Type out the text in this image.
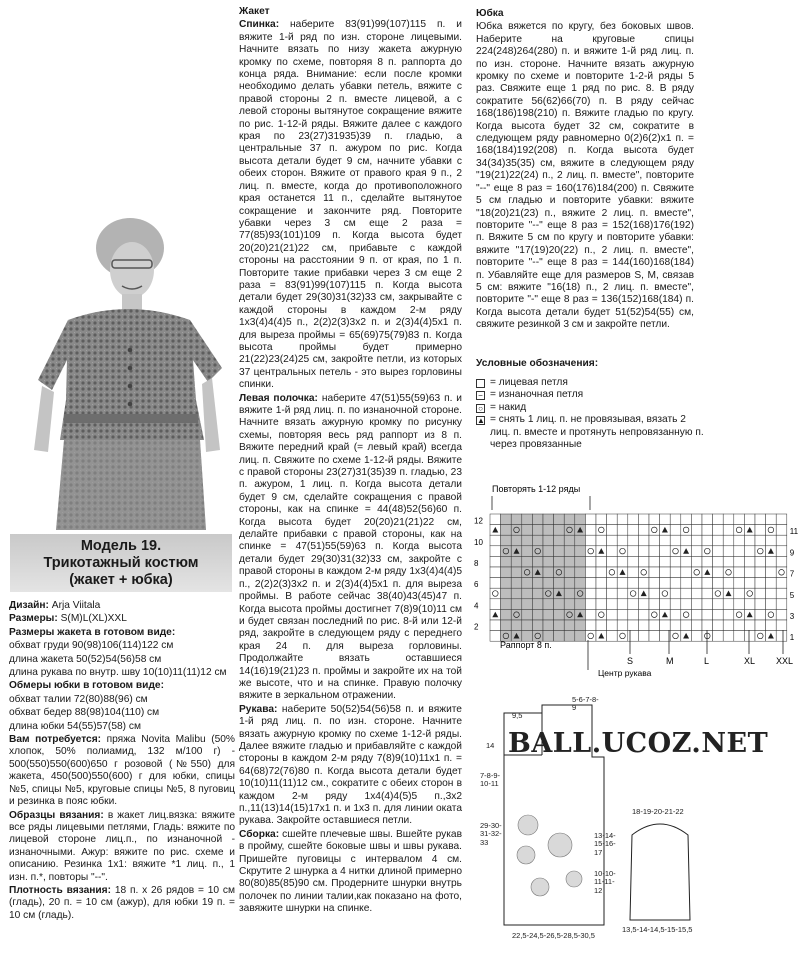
Модель 19.
Трикотажный костюм
(жакет + юбка)

Дизайн: Arja Viitala

Размеры: S(M)L(XL)XXL

Размеры жакета в готовом виде:

обхват груди 90(98)106(114)122 см

длина жакета 50(52)54(56)58 см

длина рукава по внутр. шву 10(10)11(11)12 см

Обмеры юбки в готовом виде:

обхват талии 72(80)88(96) см

обхват бедер 88(98)104(110) см

длина юбки 54(55)57(58) см

Вам потребуется: пряжа Novita Malibu (50% хлопок, 50% полиамид, 132 м/100 г) - 500(550)550(600)650 г розовой (№550) для жакета, 450(500)550(600) г для юбки, спицы №5, спицы №5, круговые спицы №5, 8 пуговиц и резинка в пояс юбки.

Образцы вязания: в жакет лиц.вязка: вяжите все ряды лицевыми петлями, Гладь: вяжите по лицевой стороне лиц.п., по изнаночной - изнаночными. Ажур: вяжите по рис. схеме и описанию. Резинка 1x1: вяжите *1 лиц. п., 1 изн. п.*, повторы "--".

Плотность вязания: 18 п. х 26 рядов = 10 см (гладь), 20 п. = 10 см (ажур), для юбки 19 п. = 10 см (гладь).

Жакет

Спинка: наберите 83(91)99(107)115 п. и вяжите 1-й ряд по изн. стороне лицевыми. Начните вязать по низу жакета ажурную кромку по схеме, повторяя 8 п. раппорта до конца ряда. Внимание: если после кромки необходимо делать убавки петель, вяжите с правой стороны 2 п. вместе лицевой, а с левой стороны вытянутое сокращение вяжите по рис. 1-12-й ряды. Вяжите далее с каждого края по 23(27)31935)39 п. гладью, а центральные 37 п. ажуром по рис. Когда высота детали будет 9 см, начните убавки с обеих сторон. Вяжите от правого края 9 п., 2 лиц. п. вместе, когда до противоположного края останется 11 п., сделайте вытянутое сокращение и закончите ряд. Повторите убавки через 3 см еще 2 раза = 77(85)93(101)109 п. Когда высота будет 20(20)21(21)22 см, прибавьте с каждой стороны на расстоянии 9 п. от края, по 1 п. Повторите такие прибавки через 3 см еще 2 раза = 83(91)99(107)115 п. Когда высота детали будет 29(30)31(32)33 см, закрывайте с каждой стороны в каждом 2-м ряду 1x3(4)4(4)5 п., 2(2)2(3)3x2 п. и 2(3)4(4)5x1 п. для выреза проймы = 65(69)75(79)83 п. Когда высота проймы будет примерно 21(22)23(24)25 см, закройте петли, из которых 37 центральных петель - это вырез горловины спинки.

Левая полочка: наберите 47(51)55(59)63 п. и вяжите 1-й ряд лиц. п. по изнаночной стороне. Начните вязать ажурную кромку по рисунку схемы, повторяя весь ряд раппорт из 8 п. Вяжите передний край (= левый край) всегда лиц. п. Свяжите по схеме 1-12-й ряды. Вяжите с правой стороны 23(27)31(35)39 п. гладью, 23 п. ажуром, 1 лиц. п. Когда высота детали будет 9 см, сделайте сокращения с правой стороны, как на спинке = 44(48)52(56)60 п. Когда высота будет 20(20)21(21)22 см, делайте прибавки с правой стороны, как на спинке = 47(51)55(59)63 п. Когда высота детали будет 29(30)31(32)33 см, закройте с правой стороны в каждом 2-м ряду 1x3(4)4(4)5 п., 2(2)2(3)3x2 п. и 2(3)4(4)5x1 п. для выреза проймы. В работе сейчас 38(40)43(45)47 п. Когда высота проймы достигнет 7(8)9(10)11 см и будет связан последний по рис. 8-й или 12-й ряд, закройте в следующем ряду с переднего края 24 п. для выреза горловины. Продолжайте вязать оставшиеся 14(16)19(21)23 п. проймы и закройте их на той же высоте, что и на спинке. Правую полочку вяжите в зеркальном отражении.

Рукава: наберите 50(52)54(56)58 п. и вяжите 1-й ряд лиц. п. по изн. стороне. Начните вязать ажурную кромку по схеме 1-12-й ряды. Далее вяжите гладью и прибавляйте с каждой стороны в каждом 2-м ряду 7(8)9(10)11x1 п. = 64(68)72(76)80 п. Когда высота детали будет 10(10)11(11)12 см., сократите с обеих сторон в каждом 2-м ряду 1x4(4)4(5)5 п.,3x2 п.,11(13)14(15)17x1 п. и 1x3 п. для линии оката рукава. Закройте оставшиеся петли.

Сборка: сшейте плечевые швы. Вшейте рукав в пройму, сшейте боковые швы и швы рукава. Пришейте пуговицы с интервалом 4 см. Скрутите 2 шнурка а 4 нитки длиной примерно 80(80)85(85)90 см. Продерните шнурки внутрь полочек по линии талии,как показано на фото, завяжите шнурки на спинке.

Юбка

Юбка вяжется по кругу, без боковых швов. Наберите на круговые спицы 224(248)264(280) п. и вяжите 1-й ряд лиц. п. по изн. стороне. Начните вязать ажурную кромку по схеме и повторите 1-2-й ряды 5 раз. Свяжите еще 1 ряд по рис. 8. В ряду сократите 56(62)66(70) п. В ряду сейчас 168(186)198(210) п. Вяжите гладью по кругу. Когда высота будет 32 см, сократите в следующем ряду равномерно 0(2)6(2)x1 п. = 168(184)192(208) п. Когда высота будет 34(34)35(35) см, вяжите в следующем ряду "19(21)22(24) п., 2 лиц. п. вместе", повторите "--" еще 8 раз = 160(176)184(200) п. Свяжите 5 см гладью и повторите убавки: вяжите "18(20)21(23) п., вяжите 2 лиц. п. вместе", повторите "--" еще 8 раз = 152(168)176(192) п. Вяжите 5 см по кругу и повторите убавки: вяжите "17(19)20(22) п., 2 лиц. п. вместе", повторите "--" еще 8 раз = 144(160)168(184) п. Убавляйте еще для размеров S, M, связав 5 см: вяжите "16(18) п., 2 лиц. п. вместе", повторите "-" еще 8 раз = 136(152)168(184) п. Когда высота детали будет 51(52)54(55) см, свяжите резинкой 3 см и закройте петли.

Условные обозначения:
= лицевая петля
− = изнаночная петля
○ = накид
▲ = снять 1 лиц. п. не провязывая, вязать 2 лиц. п. вместе и протянуть непровязанную п. через провязанные
Повторять 1-12 ряды
12
11
10
9
8
7
6
5
4
3
2
1
Раппорт 8 п.
Центр рукава
S	M	L	XL XXL
BALL.UCOZ.NET
9,5
5-6-7-8-9
14
7-8-9-10-11
29-30-31-32-33
22,5-24,5-26,5-28,5-30,5
18-19-20-21-22
13-14-15-16-17
10-10-11-11-12
13,5-14-14,5-15-15,5
